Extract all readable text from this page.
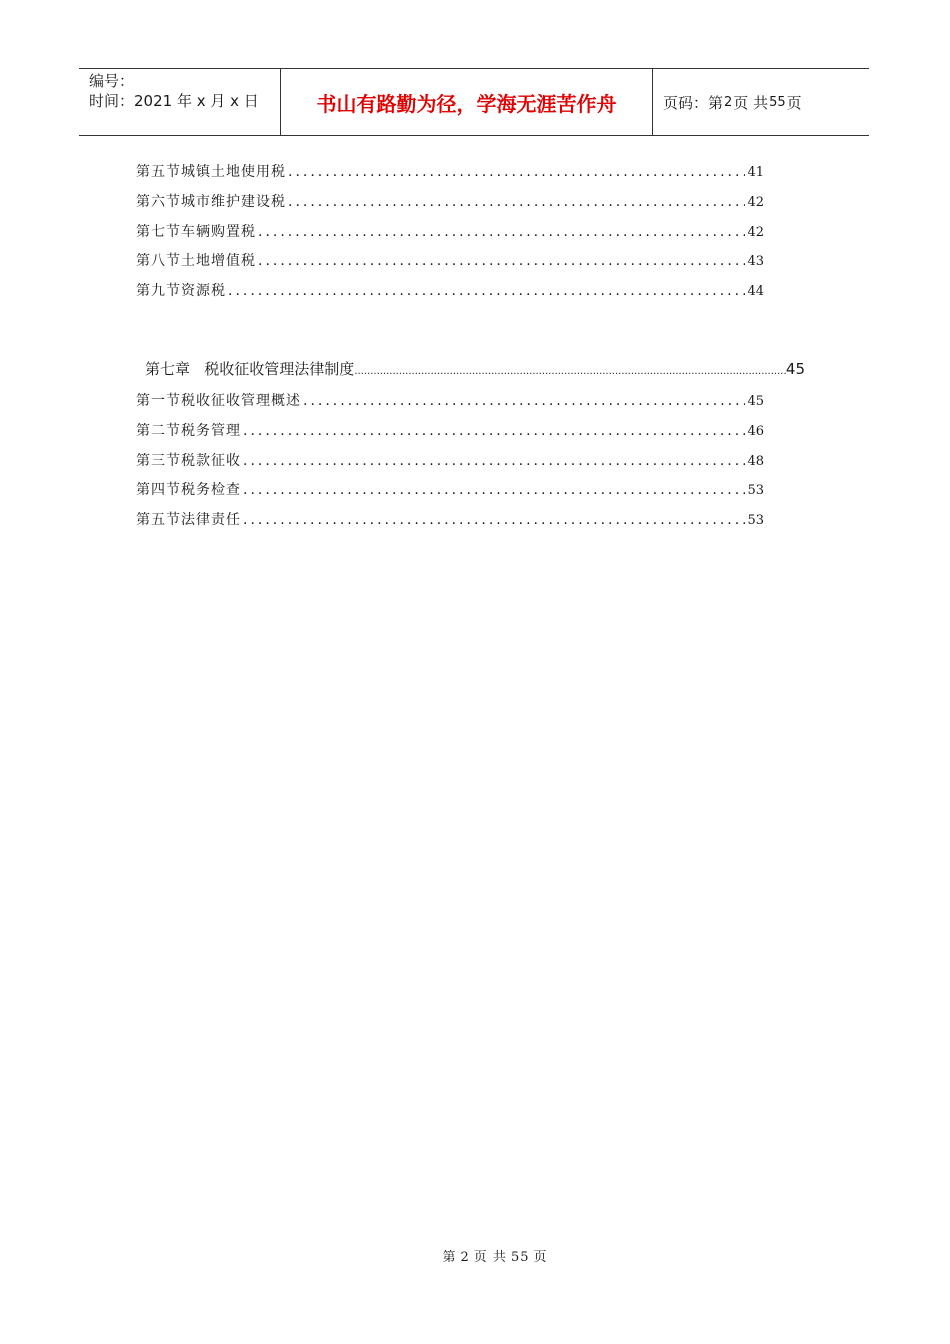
编号：
时间：2021 年 x 月 x 日	书山有路勤为径，学海无涯苦作舟	页码：第 2 页 共 55 页
第五节城镇土地使用税 .....	41
第六节城市维护建设税 .....	42
第七节车辆购置税 .....	42
第八节土地增值税 .....	43
第九节资源税 .....	44
第七章   税收征收管理法律制度 .....	45
第一节税收征收管理概述 .....	45
第二节税务管理 .....	46
第三节税款征收 .....	48
第四节税务检查 .....	53
第五节法律责任 .....	53
第 2 页 共 55 页
